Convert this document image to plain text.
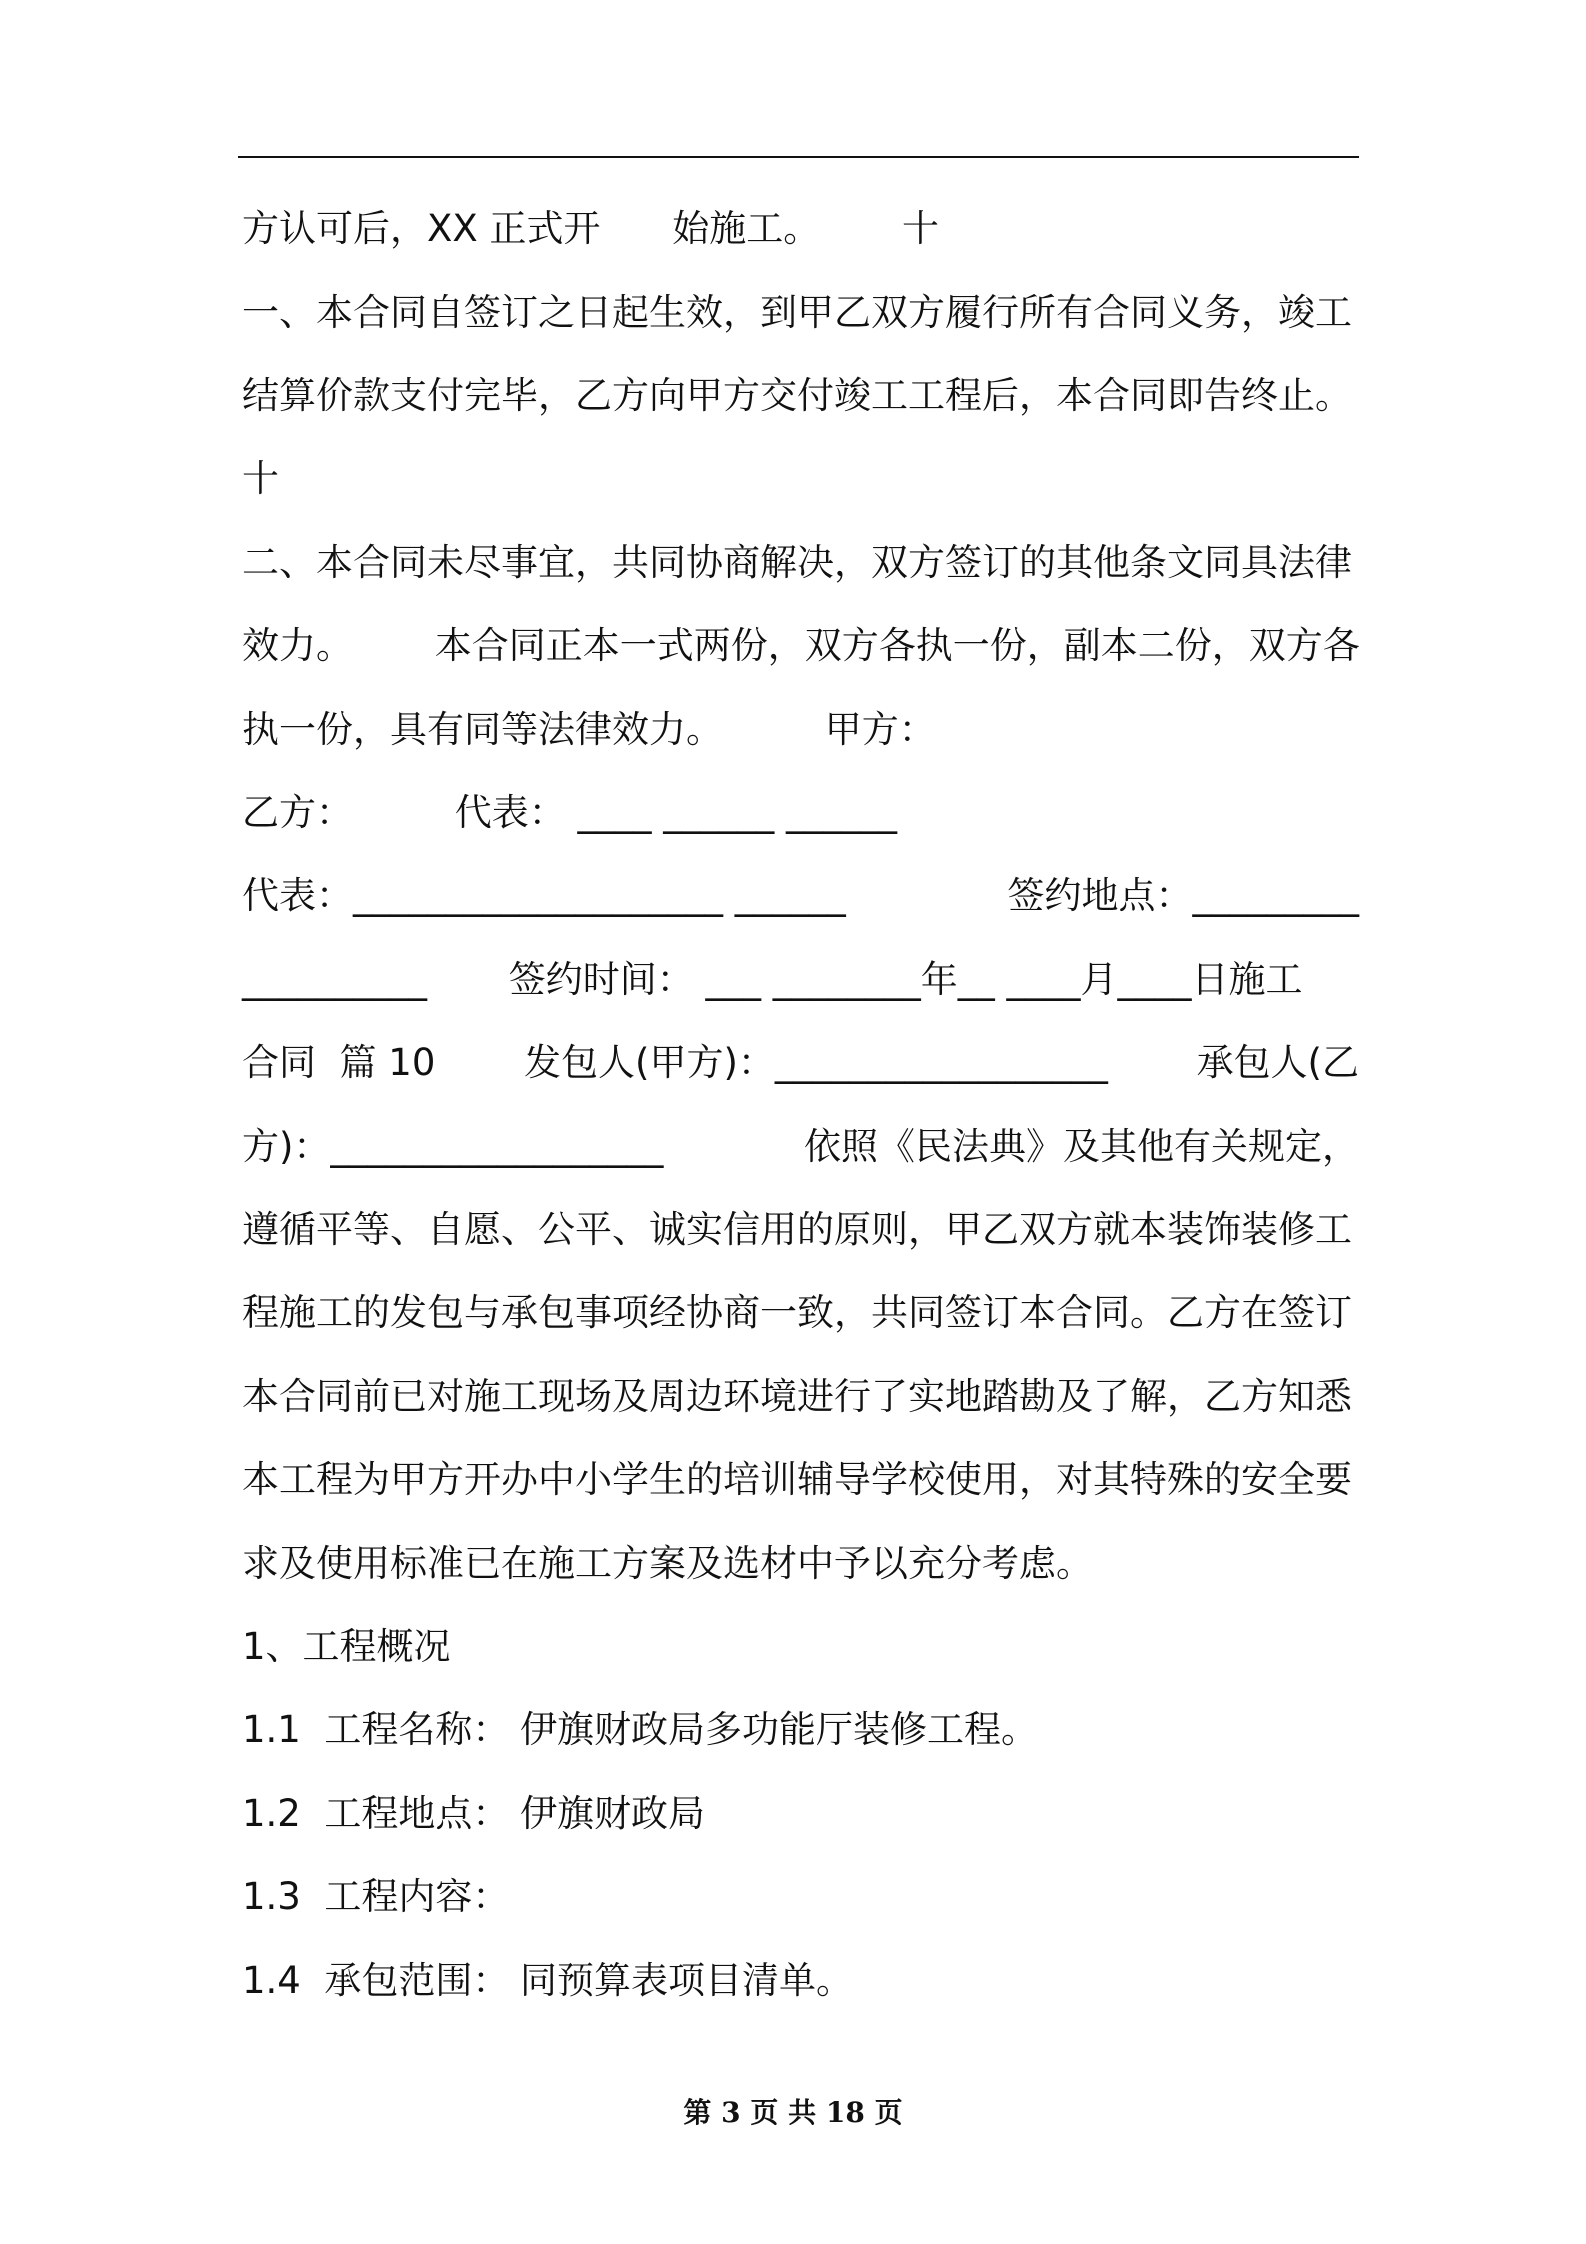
方认可后，XX 正式开 始施工。 十
一、本合同自签订之日起生效，到甲乙双方履行所有合同义务，竣工
结算价款支付完毕，乙方向甲方交付竣工工程后，本合同即告终止。
十
二、本合同未尽事宜，共同协商解决，双方签订的其他条文同具法律
效力。 本合同正本一式两份，双方各执一份，副本二份，双方各
执一份，具有同等法律效力。	甲方：
乙方：	代表： ____ ______ ______
代表：____________________ ______	签约地点：_________
__________ 签约时间： ___ ________年__ ____月____日施工
合同  篇 10 发包人(甲方)：__________________ 承包人(乙
方)：__________________	依照《民法典》及其他有关规定，
遵循平等、自愿、公平、诚实信用的原则，甲乙双方就本装饰装修工
程施工的发包与承包事项经协商一致，共同签订本合同。乙方在签订
本合同前已对施工现场及周边环境进行了实地踏勘及了解，乙方知悉
本工程为甲方开办中小学生的培训辅导学校使用，对其特殊的安全要
求及使用标准已在施工方案及选材中予以充分考虑。
1、工程概况
1.1  工程名称： 伊旗财政局多功能厅装修工程。
1.2  工程地点： 伊旗财政局
1.3  工程内容：
1.4  承包范围： 同预算表项目清单。
第 3 页 共 18 页
